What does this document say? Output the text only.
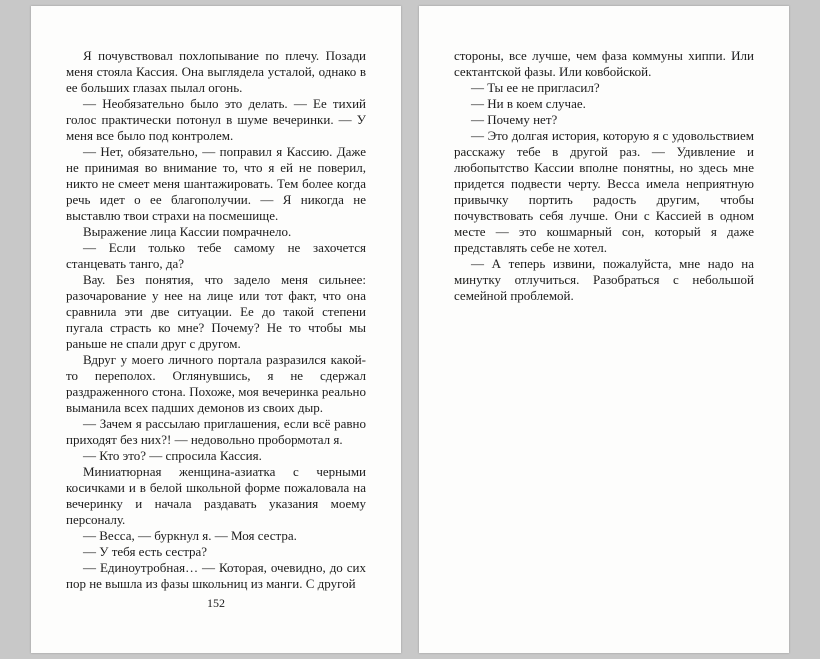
Я почувствовал похлопывание по плечу. Позади меня стояла Кассия. Она выглядела усталой, однако в ее больших глазах пылал огонь.

— Необязательно было это делать. — Ее тихий голос практически потонул в шуме вечеринки. — У меня все было под контролем.

— Нет, обязательно, — поправил я Кассию. Даже не принимая во внимание то, что я ей не поверил, никто не смеет меня шантажировать. Тем более когда речь идет о ее благополучии. — Я никогда не выставлю твои страхи на посмешище.

Выражение лица Кассии помрачнело.

— Если только тебе самому не захочется станцевать танго, да?

Вау. Без понятия, что задело меня сильнее: разочарование у нее на лице или тот факт, что она сравнила эти две ситуации. Ее до такой степени пугала страсть ко мне? Почему? Не то чтобы мы раньше не спали друг с другом.

Вдруг у моего личного портала разразился какой-то переполох. Оглянувшись, я не сдержал раздраженного стона. Похоже, моя вечеринка реально выманила всех падших демонов из своих дыр.

— Зачем я рассылаю приглашения, если всё равно приходят без них?! — недовольно пробормотал я.

— Кто это? — спросила Кассия.

Миниатюрная женщина-азиатка с черными косичками и в белой школьной форме пожаловала на вечеринку и начала раздавать указания моему персоналу.

— Весса, — буркнул я. — Моя сестра.

— У тебя есть сестра?

— Единоутробная… — Которая, очевидно, до сих пор не вышла из фазы школьниц из манги. С другой

152

стороны, все лучше, чем фаза коммуны хиппи. Или сектантской фазы. Или ковбойской.

— Ты ее не пригласил?

— Ни в коем случае.

— Почему нет?

— Это долгая история, которую я с удовольствием расскажу тебе в другой раз. — Удивление и любопытство Кассии вполне понятны, но здесь мне придется подвести черту. Весса имела неприятную привычку портить радость другим, чтобы почувствовать себя лучше. Они с Кассией в одном месте — это кошмарный сон, который я даже представлять себе не хотел.

— А теперь извини, пожалуйста, мне надо на минутку отлучиться. Разобраться с небольшой семейной проблемой.
